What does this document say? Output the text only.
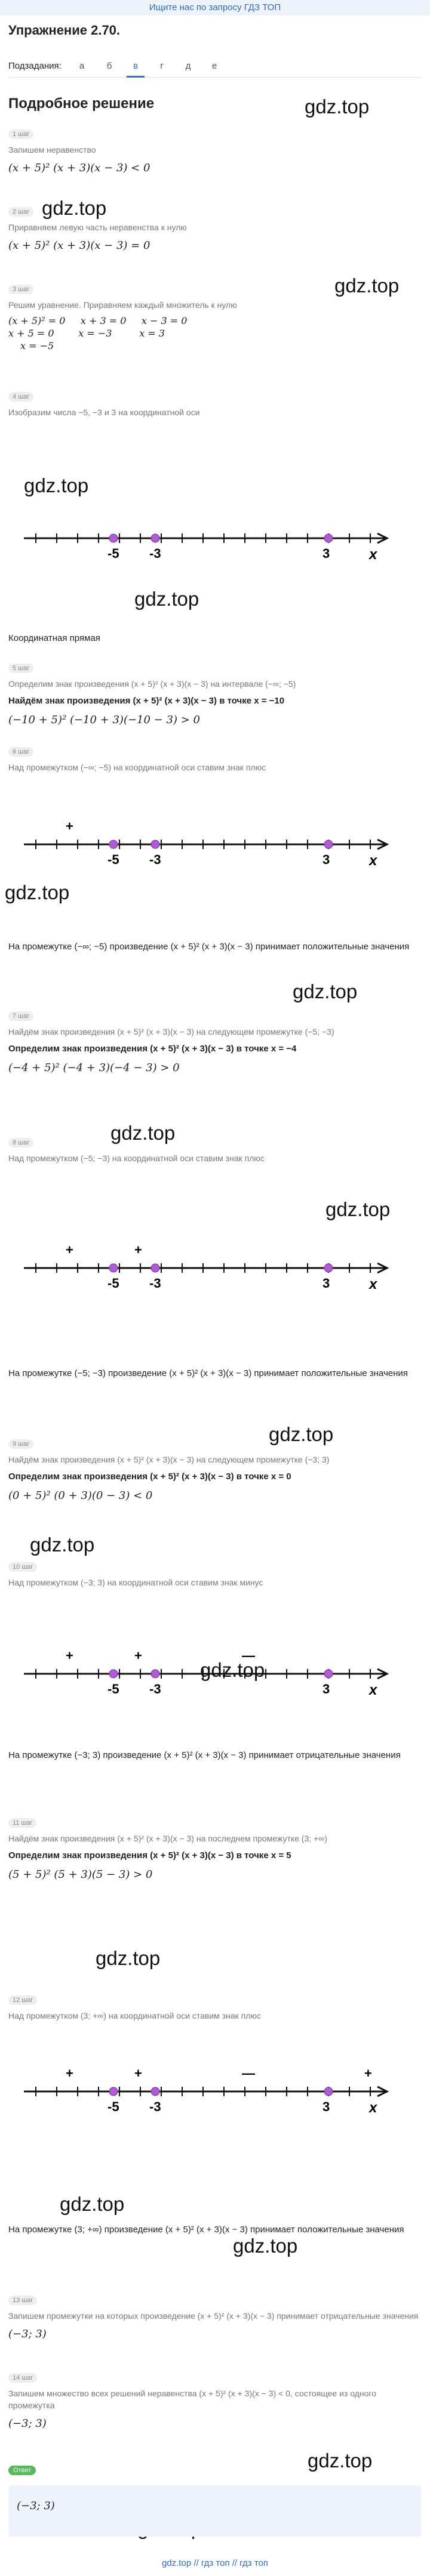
Ищите нас по запросу ГДЗ ТОП
Упражнение 2.70.
Подзадания:	а	б	в	г	д	е
Подробное решение	gdz.top
gdz.top
gdz.top
gdz.top
gdz.top
gdz.top
gdz.top
gdz.top
gdz.top
gdz.top
gdz.top
gdz.top
gdz.top
gdz.top
gdz.top
gdz.top
1 шаг
Запишем неравенство
(x + 5)² (x + 3)(x − 3) < 0
2 шаг
Приравняем левую часть неравенства к нулю
(x + 5)² (x + 3)(x − 3) = 0
3 шаг
Решим уравнение. Приравняем каждый множитель к нулю
(x + 5)² = 0     x + 3 = 0     x − 3 = 0
x + 5 = 0        x = −3         x = 3
x = −5
4 шаг
Изобразим числа −5, −3 и 3 на координатной оси
x
-5 -3	3
Координатная прямая
5 шаг
Определим знак произведения (x + 5)² (x + 3)(x − 3) на интервале (−∞; −5)
Найдём знак произведения (x + 5)² (x + 3)(x − 3) в точке x = −10
(−10 + 5)² (−10 + 3)(−10 − 3) > 0
6 шаг
Над промежутком (−∞; −5) на координатной оси ставим знак плюс
x
-5 -3	3
+
На промежутке (−∞; −5) произведение (x + 5)² (x + 3)(x − 3) принимает положительные значения
7 шаг
Найдём знак произведения (x + 5)² (x + 3)(x − 3) на следующем промежутке (−5; −3)
Определим знак произведения (x + 5)² (x + 3)(x − 3) в точке x = −4
(−4 + 5)² (−4 + 3)(−4 − 3) > 0
8 шаг
Над промежутком (−5; −3) на координатной оси ставим знак плюс
x
-5 -3	3
+	+
На промежутке (−5; −3) произведение (x + 5)² (x + 3)(x − 3) принимает положительные значения
9 шаг
Найдём знак произведения (x + 5)² (x + 3)(x − 3) на следующем промежутке (−3; 3)
Определим знак произведения (x + 5)² (x + 3)(x − 3) в точке x = 0
(0 + 5)² (0 + 3)(0 − 3) < 0
10 шаг
Над промежутком (−3; 3) на координатной оси ставим знак минус
x
-5 -3	3
+	+	—
На промежутке (−3; 3) произведение (x + 5)² (x + 3)(x − 3) принимает отрицательные значения
11 шаг
Найдём знак произведения (x + 5)² (x + 3)(x − 3) на последнем промежутке (3; +∞)
Определим знак произведения (x + 5)² (x + 3)(x − 3) в точке x = 5
(5 + 5)² (5 + 3)(5 − 3) > 0
12 шаг
Над промежутком (3; +∞) на координатной оси ставим знак плюс
x
-5 -3	3
+	+	—	+
На промежутке (3; +∞) произведение (x + 5)² (x + 3)(x − 3) принимает положительные значения
13 шаг
Запишем промежутки на которых произведение (x + 5)² (x + 3)(x − 3) принимает отрицательные значения
(−3; 3)
14 шаг
Запишем множество всех решений неравенства (x + 5)² (x + 3)(x − 3) < 0, состоящее из одного промежутка
(−3; 3)
Ответ
(−3; 3)
gdz.top // гдз топ // гдз топ
